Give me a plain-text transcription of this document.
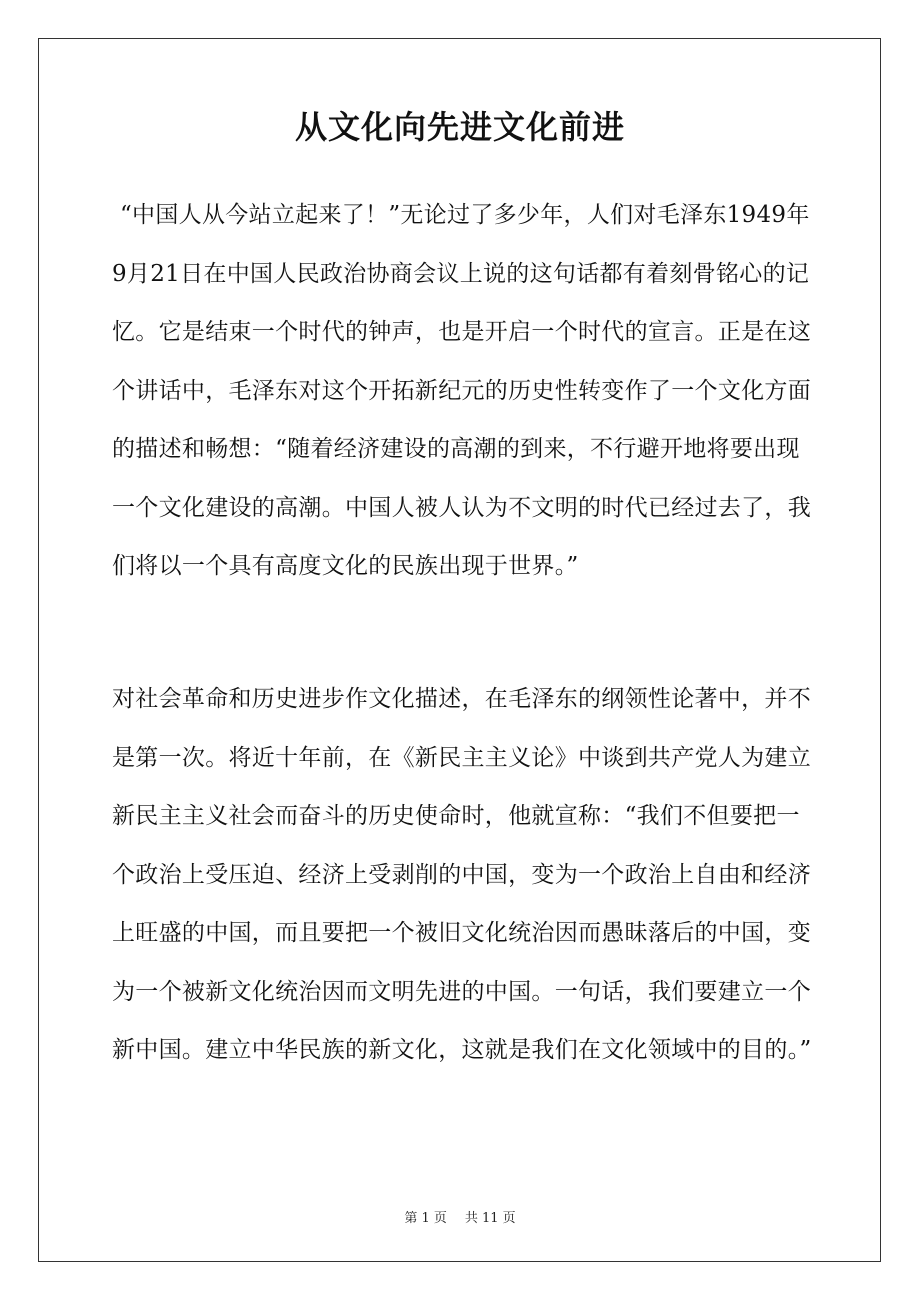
从文化向先进文化前进

“中国人从今站立起来了！”无论过了多少年，人们对毛泽东1949年9月21日在中国人民政治协商会议上说的这句话都有着刻骨铭心的记忆。它是结束一个时代的钟声，也是开启一个时代的宣言。正是在这个讲话中，毛泽东对这个开拓新纪元的历史性转变作了一个文化方面的描述和畅想：“随着经济建设的高潮的到来，不行避开地将要出现一个文化建设的高潮。中国人被人认为不文明的时代已经过去了，我们将以一个具有高度文化的民族出现于世界。”

对社会革命和历史进步作文化描述，在毛泽东的纲领性论著中，并不是第一次。将近十年前，在《新民主主义论》中谈到共产党人为建立新民主主义社会而奋斗的历史使命时，他就宣称：“我们不但要把一个政治上受压迫、经济上受剥削的中国，变为一个政治上自由和经济上旺盛的中国，而且要把一个被旧文化统治因而愚昧落后的中国，变为一个被新文化统治因而文明先进的中国。一句话，我们要建立一个新中国。建立中华民族的新文化，这就是我们在文化领域中的目的。”

第 1 页 共 11 页
